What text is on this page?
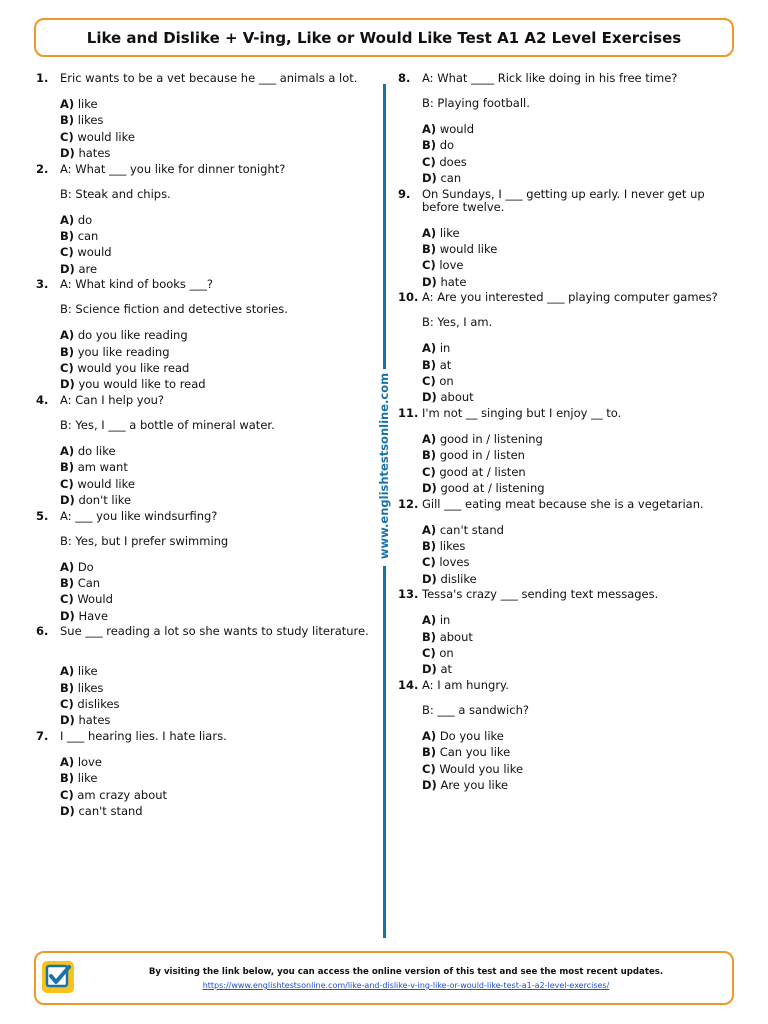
Like and Dislike + V-ing, Like or Would Like Test A1 A2 Level Exercises
1.	Eric wants to be a vet because he ___ animals a lot.
A) like
B) likes
C) would like
D) hates
2.	A: What ___ you like for dinner tonight?
B: Steak and chips.
A) do
B) can
C) would
D) are
3.	A: What kind of books ___?
B: Science fiction and detective stories.
A) do you like reading
B) you like reading
C) would you like read
D) you would like to read
4.	A: Can I help you?
B: Yes, I ___ a bottle of mineral water.
A) do like
B) am want
C) would like
D) don't like
5.	A: ___ you like windsurfing?
B: Yes, but I prefer swimming
A) Do
B) Can
C) Would
D) Have
6.	Sue ___ reading a lot so she wants to study literature.
A) like
B) likes
C) dislikes
D) hates
7.	I ___ hearing lies. I hate liars.
A) love
B) like
C) am crazy about
D) can't stand
8.	A: What ____ Rick like doing in his free time?
B: Playing football.
A) would
B) do
C) does
D) can
9.	On Sundays, I ___ getting up early. I never get up before twelve.
A) like
B) would like
C) love
D) hate
10. A: Are you interested ___ playing computer games?
B: Yes, I am.
A) in
B) at
C) on
D) about
11. I'm not __ singing but I enjoy __ to.
A) good in / listening
B) good in / listen
C) good at / listen
D) good at / listening
12. Gill ___ eating meat because she is a vegetarian.
A) can't stand
B) likes
C) loves
D) dislike
13. Tessa's crazy ___ sending text messages.
A) in
B) about
C) on
D) at
14. A: I am hungry.
B: ___ a sandwich?
A) Do you like
B) Can you like
C) Would you like
D) Are you like
www.englishtestsonline.com
By visiting the link below, you can access the online version of this test and see the most recent updates.
https://www.englishtestsonline.com/like-and-dislike-v-ing-like-or-would-like-test-a1-a2-level-exercises/
